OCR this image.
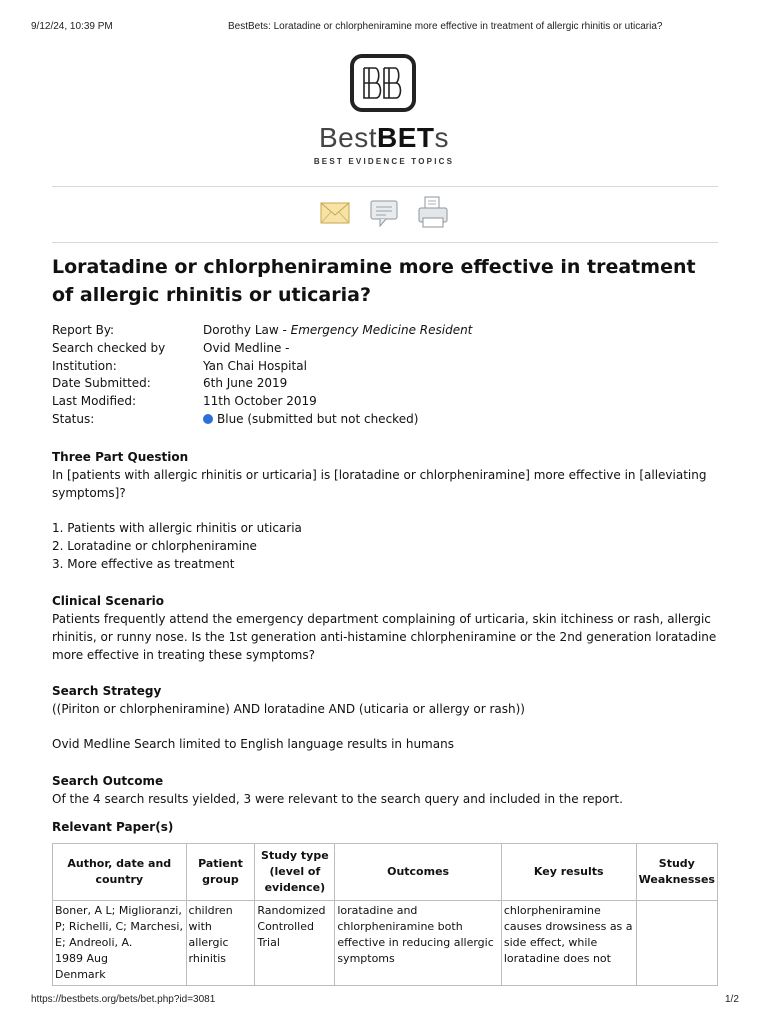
9/12/24, 10:39 PM	BestBets: Loratadine or chlorpheniramine more effective in treatment of allergic rhinitis or uticaria?
BestBETs
BEST EVIDENCE TOPICS
Loratadine or chlorpheniramine more effective in treatment of allergic rhinitis or uticaria?
Report By:	Dorothy Law - Emergency Medicine Resident
Search checked by	Ovid Medline -
Institution:	Yan Chai Hospital
Date Submitted:	6th June 2019
Last Modified:	11th October 2019
Status:	Blue (submitted but not checked)
Three Part Question

In [patients with allergic rhinitis or urticaria] is [loratadine or chlorpheniramine] more effective in [alleviating symptoms]?

1. Patients with allergic rhinitis or uticaria
2. Loratadine or chlorpheniramine
3. More effective as treatment
Clinical Scenario

Patients frequently attend the emergency department complaining of urticaria, skin itchiness or rash, allergic rhinitis, or runny nose. Is the 1st generation anti-histamine chlorpheniramine or the 2nd generation loratadine more effective in treating these symptoms?

Search Strategy

((Piriton or chlorpheniramine) AND loratadine AND (uticaria or allergy or rash))

Ovid Medline Search limited to English language results in humans

Search Outcome

Of the 4 search results yielded, 3 were relevant to the search query and included in the report.

Relevant Paper(s)
Author, date and country	Patient group	Study type (level of evidence)	Outcomes	Key results	Study Weaknesses

Boner, A L; Miglioranzi, P; Richelli, C; Marchesi, E; Andreoli, A.
1989 Aug
Denmark	children with allergic rhinitis	Randomized Controlled Trial	loratadine and chlorpheniramine both effective in reducing allergic symptoms	chlorpheniramine causes drowsiness as a side effect, while loratadine does not	
https://bestbets.org/bets/bet.php?id=3081	1/2
